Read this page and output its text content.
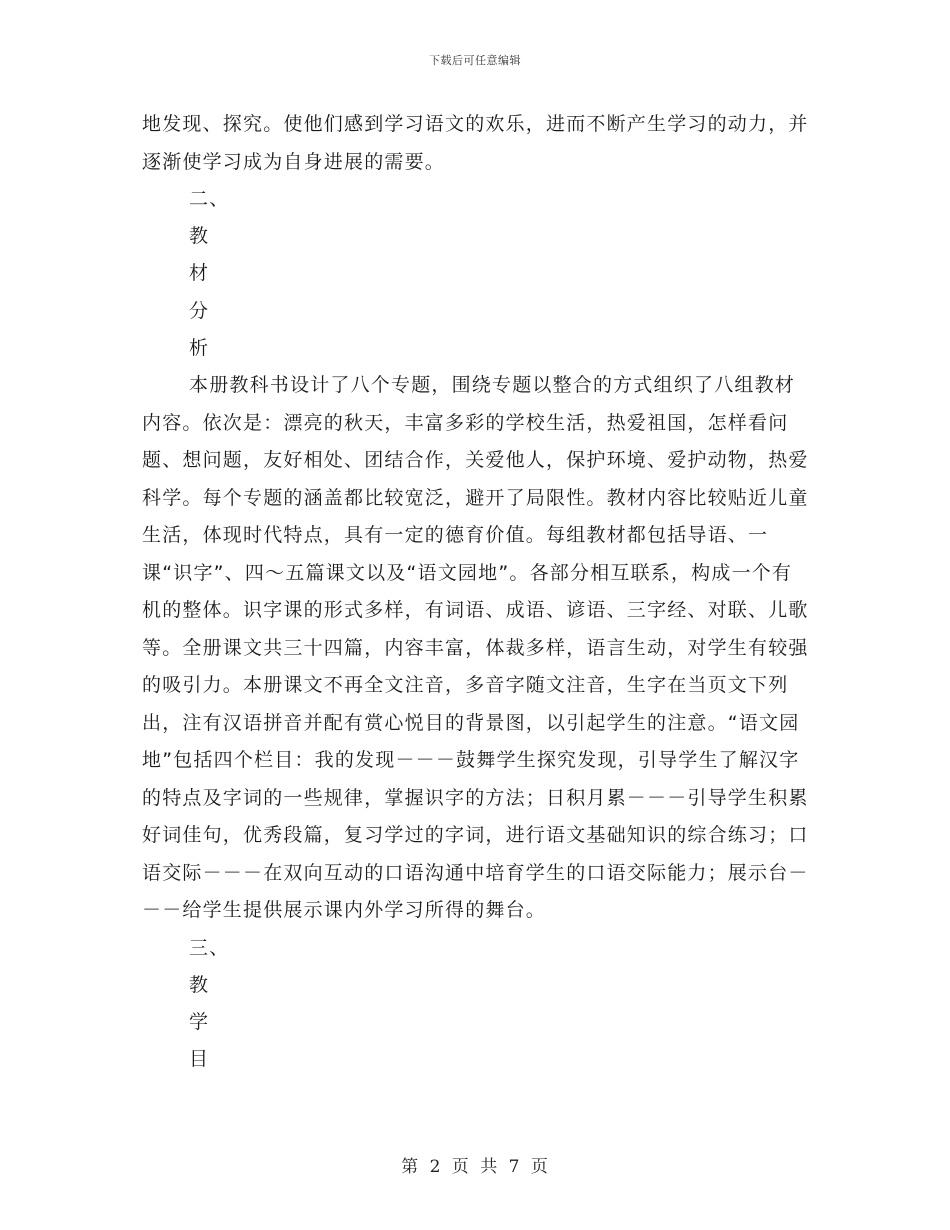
下载后可任意编辑

地发现、探究。使他们感到学习语文的欢乐，进而不断产生学习的动力，并逐渐使学习成为自身进展的需要。

二、

教

材

分

析

本册教科书设计了八个专题，围绕专题以整合的方式组织了八组教材内容。依次是：漂亮的秋天，丰富多彩的学校生活，热爱祖国，怎样看问题、想问题，友好相处、团结合作，关爱他人，保护环境、爱护动物，热爱科学。每个专题的涵盖都比较宽泛，避开了局限性。教材内容比较贴近儿童生活，体现时代特点，具有一定的德育价值。每组教材都包括导语、一课“识字”、四～五篇课文以及“语文园地”。各部分相互联系，构成一个有机的整体。识字课的形式多样，有词语、成语、谚语、三字经、对联、儿歌等。全册课文共三十四篇，内容丰富，体裁多样，语言生动，对学生有较强的吸引力。本册课文不再全文注音，多音字随文注音，生字在当页文下列出，注有汉语拼音并配有赏心悦目的背景图，以引起学生的注意。“语文园地”包括四个栏目：我的发现－－－鼓舞学生探究发现，引导学生了解汉字的特点及字词的一些规律，掌握识字的方法；日积月累－－－引导学生积累好词佳句，优秀段篇，复习学过的字词，进行语文基础知识的综合练习；口语交际－－－在双向互动的口语沟通中培育学生的口语交际能力；展示台－－－给学生提供展示课内外学习所得的舞台。

三、

教

学

目

第 2 页 共 7 页
